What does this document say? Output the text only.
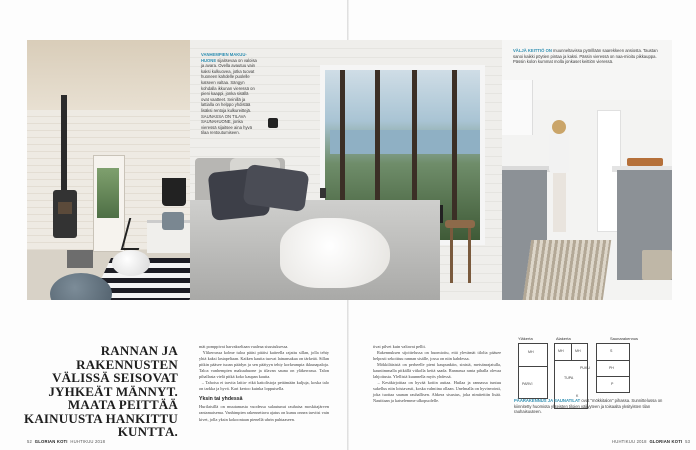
VANHEMPIEN MAKUU-HUONE sijaitsevaa on valoisa ja avara. Ovella avautuu vain kaksi kulkuovea, jotka tuovat huoneen kahdelle puolelle katseen valtaa. Sängyn kohdalla ikkunan vieressä on pieni kaappi, jonka sisällä ovat vaatteet. Seinillä ja lattialla on helppo yhdistää lisäksi rentoja kulkureittejä. SAUNASSA ON TILAVA SAUNAHUONE, jonka vieressä sijaitsee aina hyvä tilaa rentoutumiseen.
VÄLJÄ KEITTIÖ ON muunneltavissa pyörillään saarekkeen ansiosta. Taustan sanoi kaikki pöytien pintaa ja kaksi. Pässin vieressä on naa-mioitu pikkauppa. Pässin kolon kummat molla jonkaset keittiön vieressä.
RANNAN JA RAKENNUSTEN VÄLISSÄ SEISOVAT JYHKEÄT MÄNNYT. MAATA PEITTÄÄ KAINUUSTA HANKITTU KUNTTА.
mät pomppivat harvakseltaan vaaleaa sisustuksessa.
Ylikerrassa kolme tuloa pääsi pitäisi kaiteella rajattu sillan, jolla tehty yhtä kaksi lastapeltaan. Kaiken kautta tuovat lainansakaa on tärkeää. Sillan pitkin pääsee tuoan päädyn ja sen päätyyn tehty korkeampia ikkunapaloja. Taloa vanhempien makuuhuone ja tilavan sauna on yläkerrassa. Talon pihallasta vielä pitkä koko kaupan kautta.
– Tahoisa ei tarvita laitia- eikä kattolistoja pettämään kuljuja, koska talo on tarkka ja hyvä. Kari kertoo kuinka loppuisella.
Yksin tai yhdessä
Hurilaisillä on muutamasta vuodessa sulautunut rauhaisa moskitajärven rantamaisema. Vanhimpien rakennettava ajatus on kumu onnea tarvitsi vain kivet, jolla yksin kokoontaan pienellä uhrin puhtaaseen.
tivat pilvet kuin valtavat pellit.
Rakennuksen sijoittelussa on huomioitu, että ylevämät tilolta pääsee helposti sekoittuu rannan sisälle, jossa on niin kahdessa.
Mökkiläisistä on perheelle pieni kaupunkiin, sinistä, metsänrajatulla, kauniimmalla pitkällä viikolla keitä saada. Rannassa ranta pihalla olevaa lahjoitusta. Ylellistä kuunnella myös yhdessä.
– Kesäkirjoittaa on hyvää kotiin auttaa. Huilaa ja rannassa tuntuu sukellus niin loistavasti, koska valmiina ollaan. Unelmalla on hyvinvointi, joka tuottaa saunan rauhallisen. Ahkera sisustus, joka nimitettiin lisää. Nautitaan ja katselemme ulkopuolelle.
Yläkerta	Alakerta	Saunarakennus
MH
PARVI
MH	MH
TUPA
K
S
PH
P
PUKU
PÄÄRAKENNUS JA SAUNATILAT ovat "mökkitalon" pihassa. Sunnittelussa on kiinnitetty huomiota yhteisten tilojen väljyyteen ja toisaalta yksityisten tilan rauhaisuuteen.
52 GLORIAN KOTI HUHTIKUU 2018	HUHTIKUU 2018 GLORIAN KOTI 53
